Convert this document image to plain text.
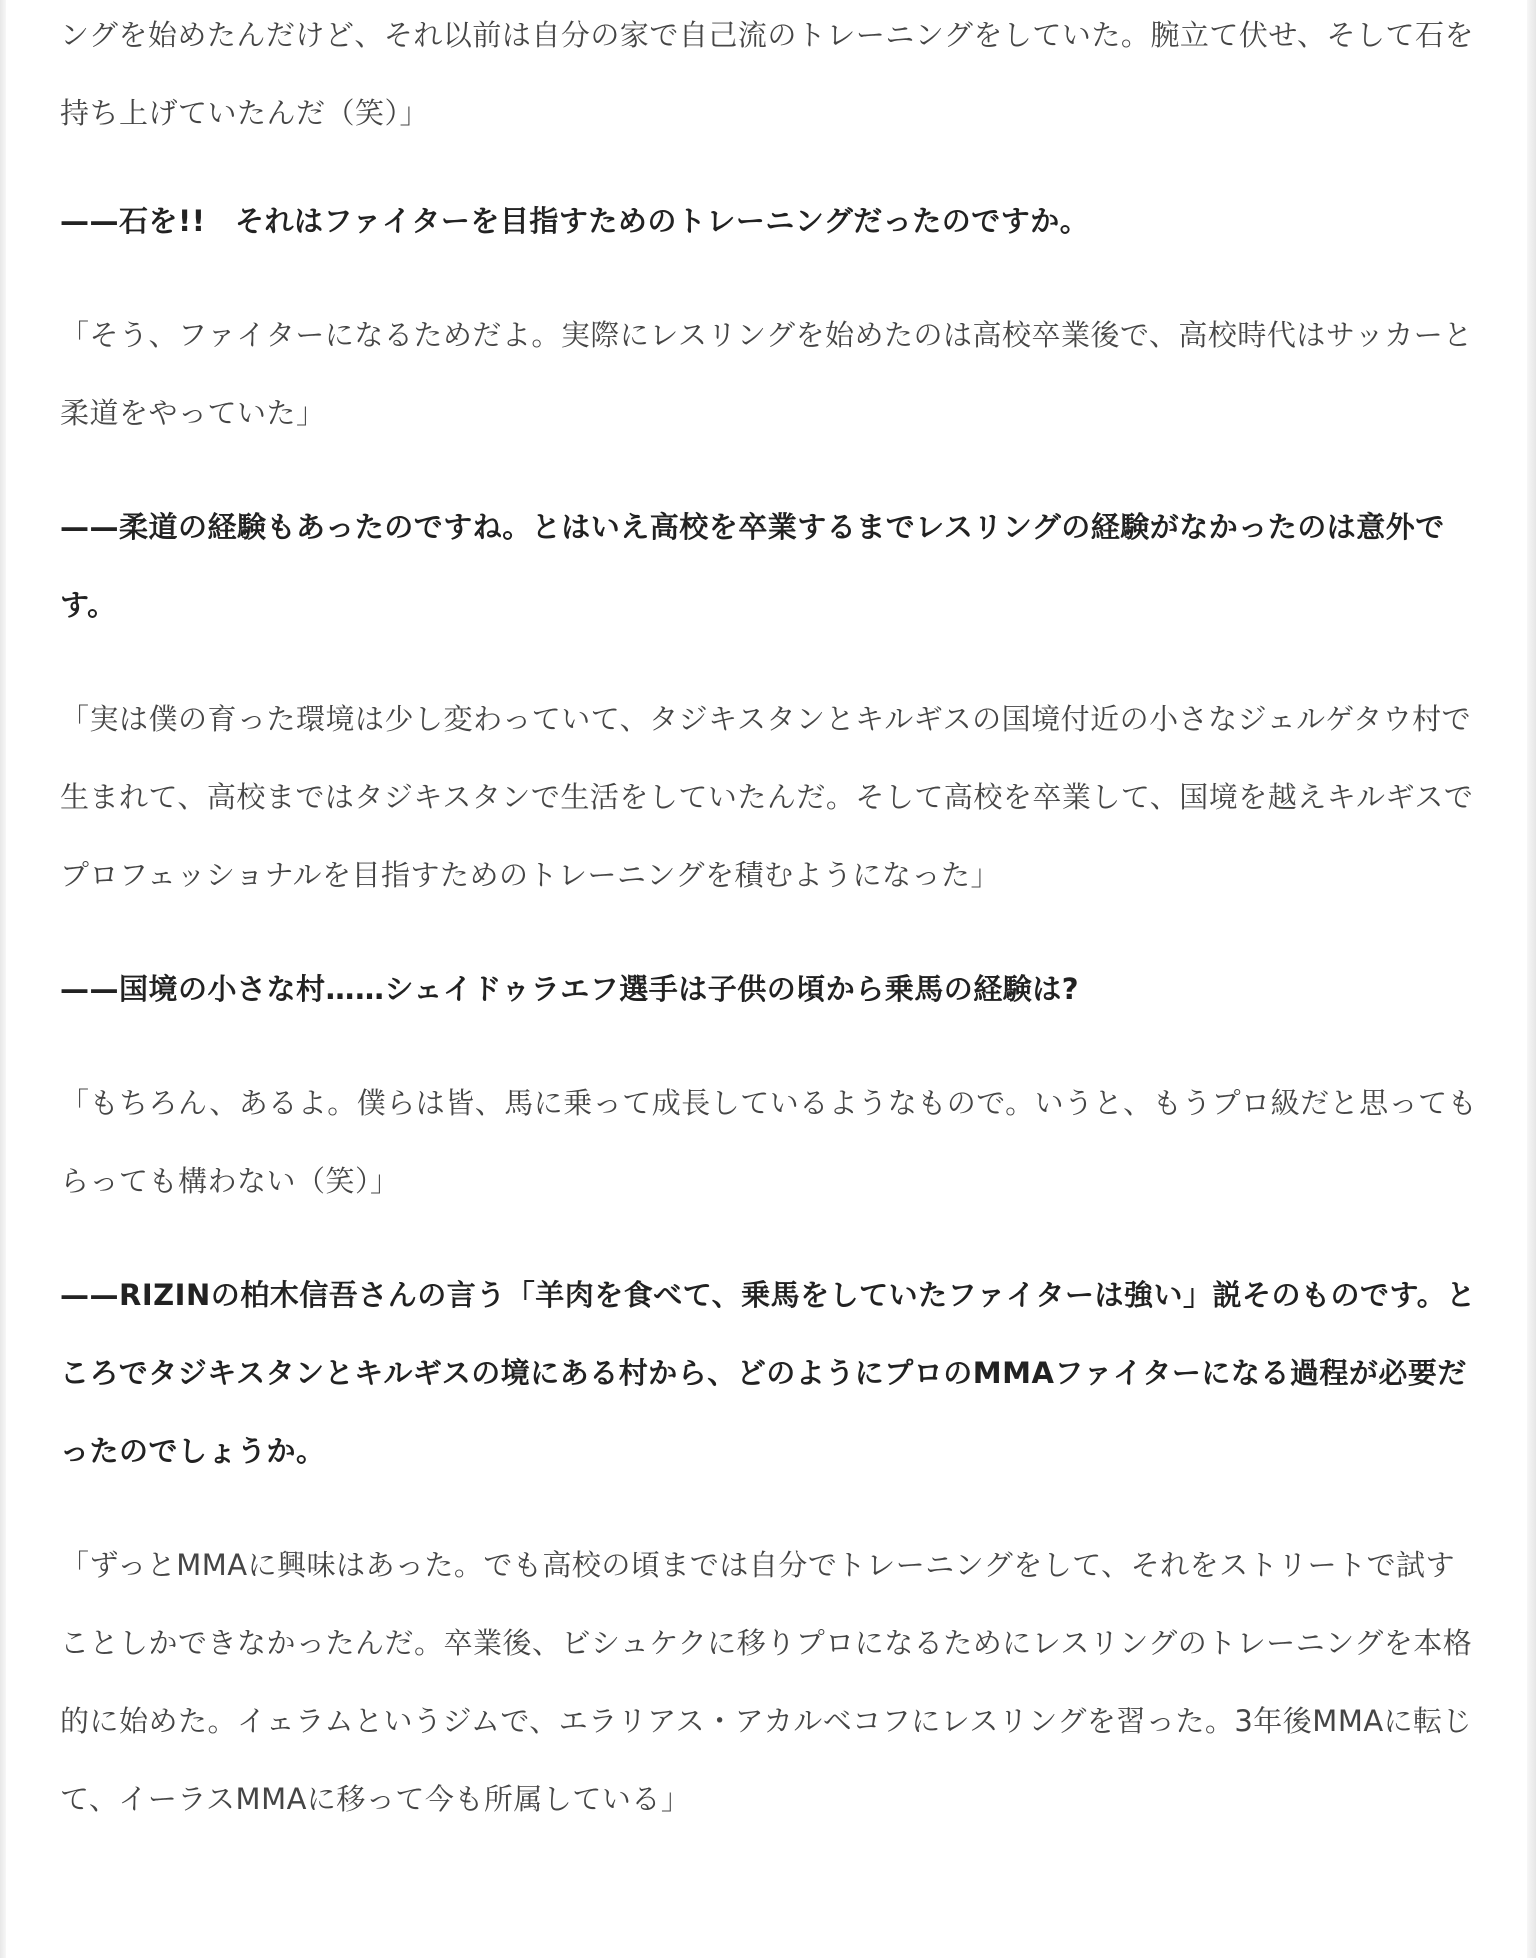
ングを始めたんだけど、それ以前は自分の家で自己流のトレーニングをしていた。腕立て伏せ、そして石を持ち上げていたんだ（笑）」

——石を!!　それはファイターを目指すためのトレーニングだったのですか。

「そう、ファイターになるためだよ。実際にレスリングを始めたのは高校卒業後で、高校時代はサッカーと柔道をやっていた」

——柔道の経験もあったのですね。とはいえ高校を卒業するまでレスリングの経験がなかったのは意外です。

「実は僕の育った環境は少し変わっていて、タジキスタンとキルギスの国境付近の小さなジェルゲタウ村で生まれて、高校まではタジキスタンで生活をしていたんだ。そして高校を卒業して、国境を越えキルギスでプロフェッショナルを目指すためのトレーニングを積むようになった」

——国境の小さな村……シェイドゥラエフ選手は子供の頃から乗馬の経験は?

「もちろん、あるよ。僕らは皆、馬に乗って成長しているようなもので。いうと、もうプロ級だと思ってもらっても構わない（笑）」

——RIZINの柏木信吾さんの言う「羊肉を食べて、乗馬をしていたファイターは強い」説そのものです。ところでタジキスタンとキルギスの境にある村から、どのようにプロのMMAファイターになる過程が必要だったのでしょうか。

「ずっとMMAに興味はあった。でも高校の頃までは自分でトレーニングをして、それをストリートで試すことしかできなかったんだ。卒業後、ビシュケクに移りプロになるためにレスリングのトレーニングを本格的に始めた。イェラムというジムで、エラリアス・アカルベコフにレスリングを習った。3年後MMAに転じて、イーラスMMAに移って今も所属している」
